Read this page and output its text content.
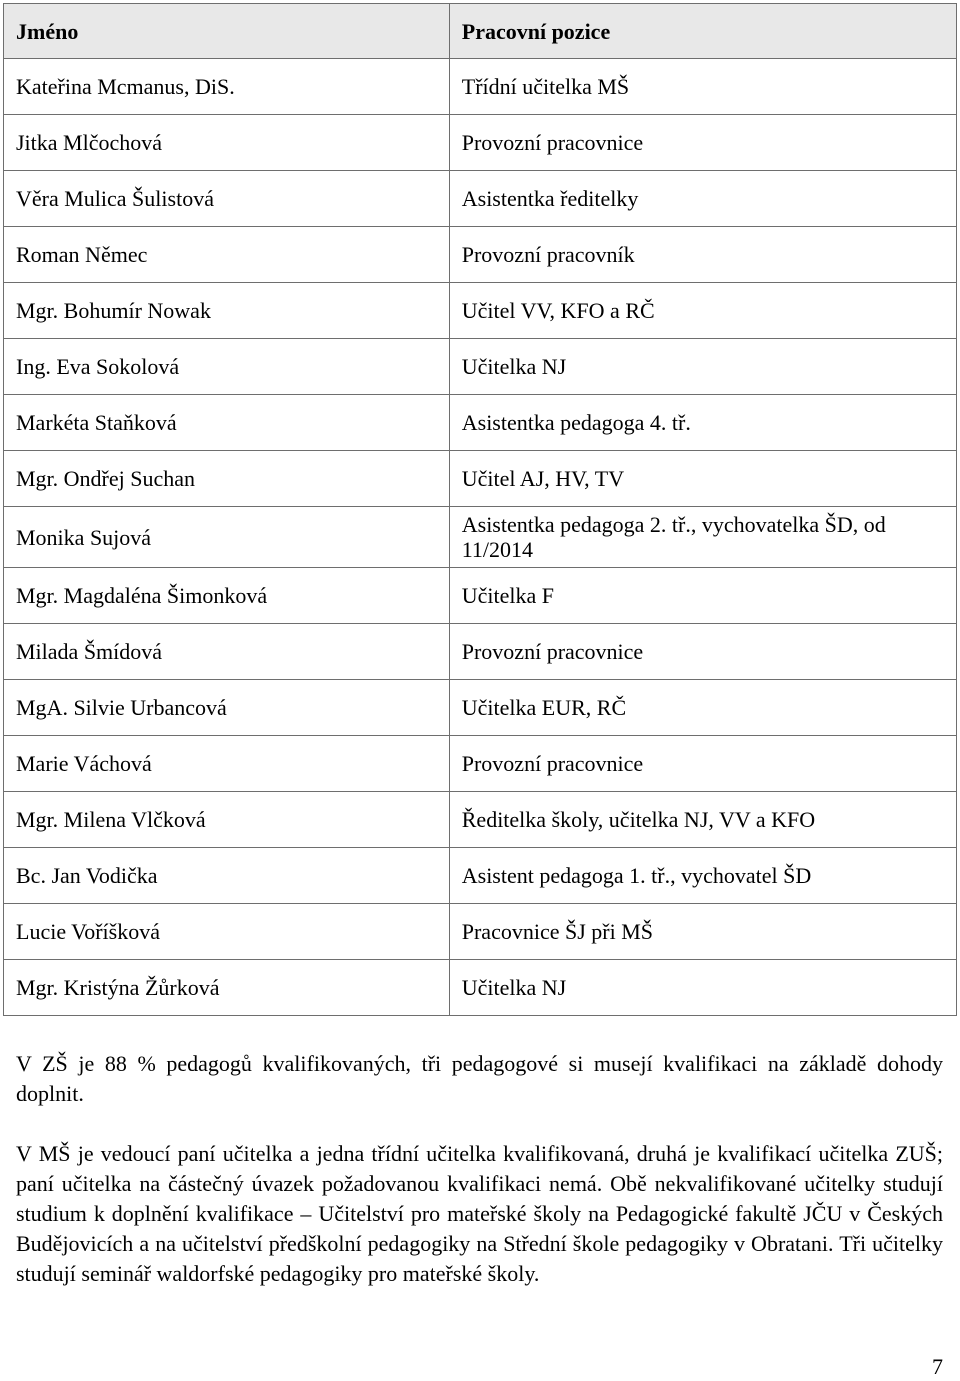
Jméno	Pracovní pozice
Kateřina Mcmanus, DiS.	Třídní učitelka MŠ
Jitka Mlčochová	Provozní pracovnice
Věra Mulica Šulistová	Asistentka ředitelky
Roman Němec	Provozní pracovník
Mgr. Bohumír Nowak	Učitel VV, KFO a RČ
Ing. Eva Sokolová	Učitelka NJ
Markéta Staňková	Asistentka pedagoga 4. tř.
Mgr. Ondřej Suchan	Učitel AJ, HV, TV
Monika Sujová	Asistentka pedagoga 2. tř., vychovatelka ŠD, od 11/2014
Mgr. Magdaléna Šimonková	Učitelka F
Milada Šmídová	Provozní pracovnice
MgA. Silvie Urbancová	Učitelka EUR, RČ
Marie Váchová	Provozní pracovnice
Mgr. Milena Vlčková	Ředitelka školy, učitelka NJ, VV a KFO
Bc. Jan Vodička	Asistent pedagoga 1. tř., vychovatel ŠD
Lucie Voříšková	Pracovnice ŠJ při MŠ
Mgr. Kristýna Žůrková	Učitelka NJ

V ZŠ je 88 % pedagogů kvalifikovaných, tři pedagogové si musejí kvalifikaci na základě dohody doplnit.

V MŠ je vedoucí paní učitelka a jedna třídní učitelka kvalifikovaná, druhá je kvalifikací učitelka ZUŠ; paní učitelka na částečný úvazek požadovanou kvalifikaci nemá. Obě nekvalifikované učitelky studují studium k doplnění kvalifikace – Učitelství pro mateřské školy na Pedagogické fakultě JČU v Českých Budějovicích a na učitelství předškolní pedagogiky na Střední škole pedagogiky v Obratani. Tři učitelky studují seminář waldorfské pedagogiky pro mateřské školy.

7
